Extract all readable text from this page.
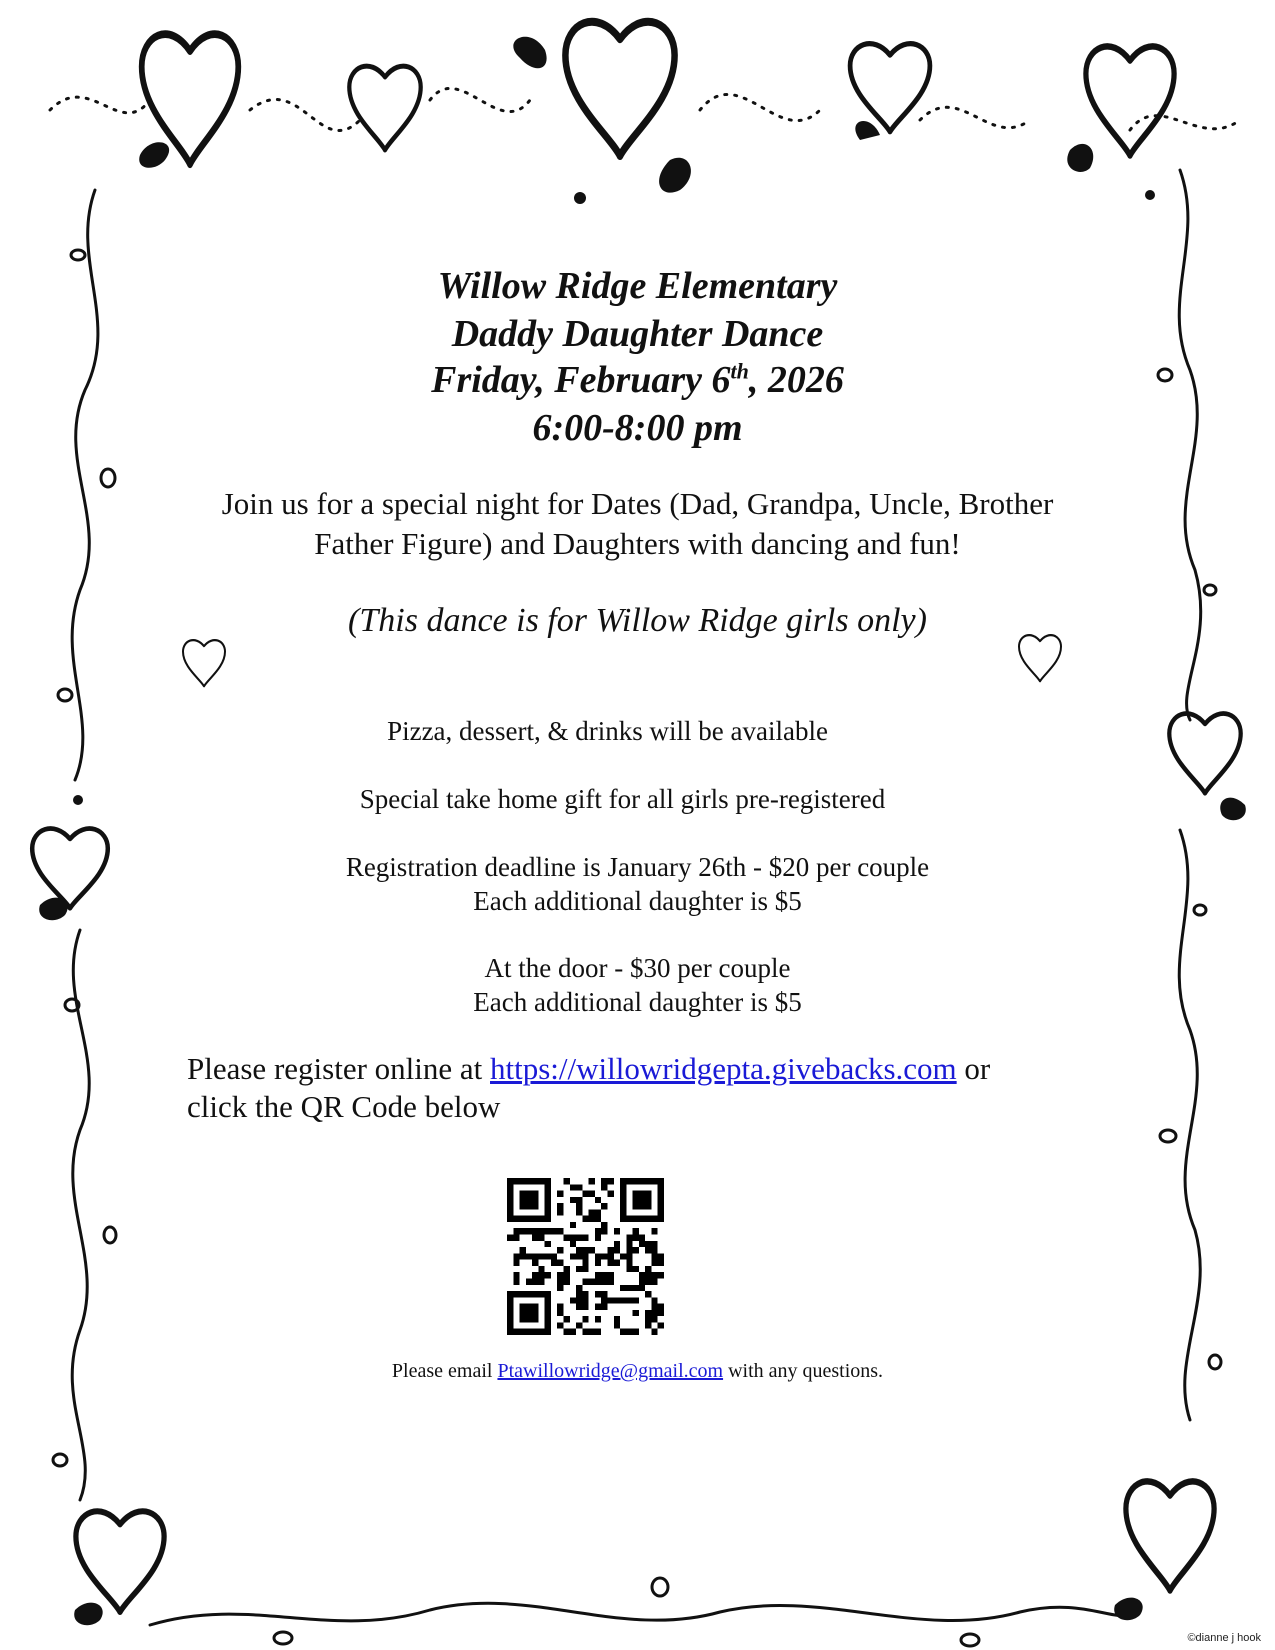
Willow Ridge Elementary
Daddy Daughter Dance
Friday, February 6th, 2026
6:00-8:00 pm
Join us for a special night for Dates (Dad, Grandpa, Uncle, Brother
Father Figure) and Daughters with dancing and fun!
(This dance is for Willow Ridge girls only)
Pizza, dessert, & drinks will be available
Special take home gift for all girls pre-registered
Registration deadline is January 26th - $20 per couple
Each additional daughter is $5
At the door - $30 per couple
Each additional daughter is $5
Please register online at https://willowridgepta.givebacks.com or
click the QR Code below
Please email Ptawillowridge@gmail.com with any questions.
©dianne j hook
